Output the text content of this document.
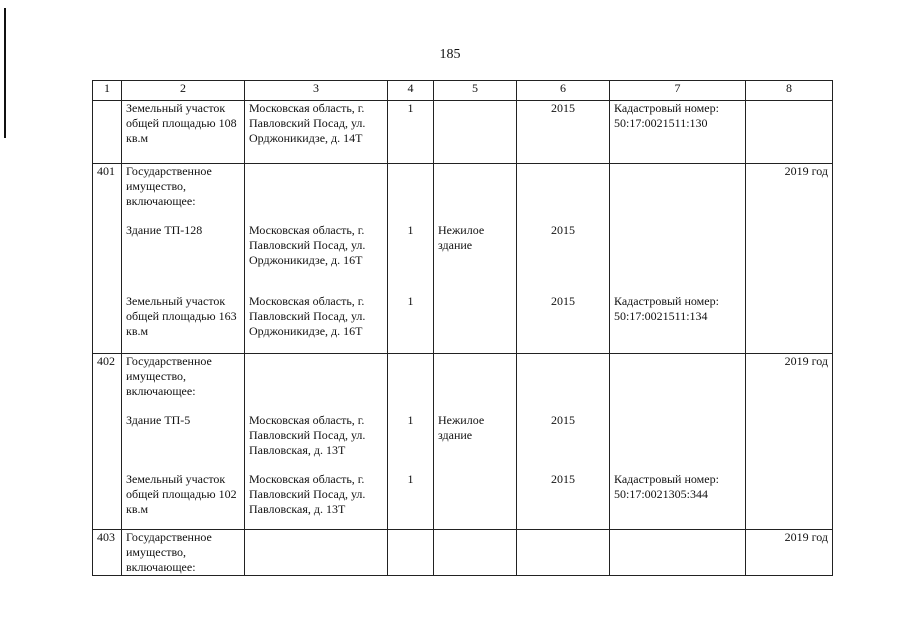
185
1	2	3	4	5	6	7	8
	Земельный участок общей площадью 108 кв.м	Московская область, г. Павловский Посад, ул. Орджоникидзе, д. 14Т	1		2015	Кадастровый номер: 50:17:0021511:130	
401	Государственное имущество, включающее:						2019 год
	Здание ТП-128	Московская область, г. Павловский Посад, ул. Орджоникидзе, д. 16Т	1	Нежилое здание	2015		
	Земельный участок общей площадью 163 кв.м	Московская область, г. Павловский Посад, ул. Орджоникидзе, д. 16Т	1		2015	Кадастровый номер: 50:17:0021511:134	
402	Государственное имущество, включающее:						2019 год
	Здание ТП-5	Московская область, г. Павловский Посад, ул. Павловская, д. 13Т	1	Нежилое здание	2015		
	Земельный участок общей площадью 102 кв.м	Московская область, г. Павловский Посад, ул. Павловская, д. 13Т	1		2015	Кадастровый номер: 50:17:0021305:344	
403	Государственное имущество, включающее:						2019 год
